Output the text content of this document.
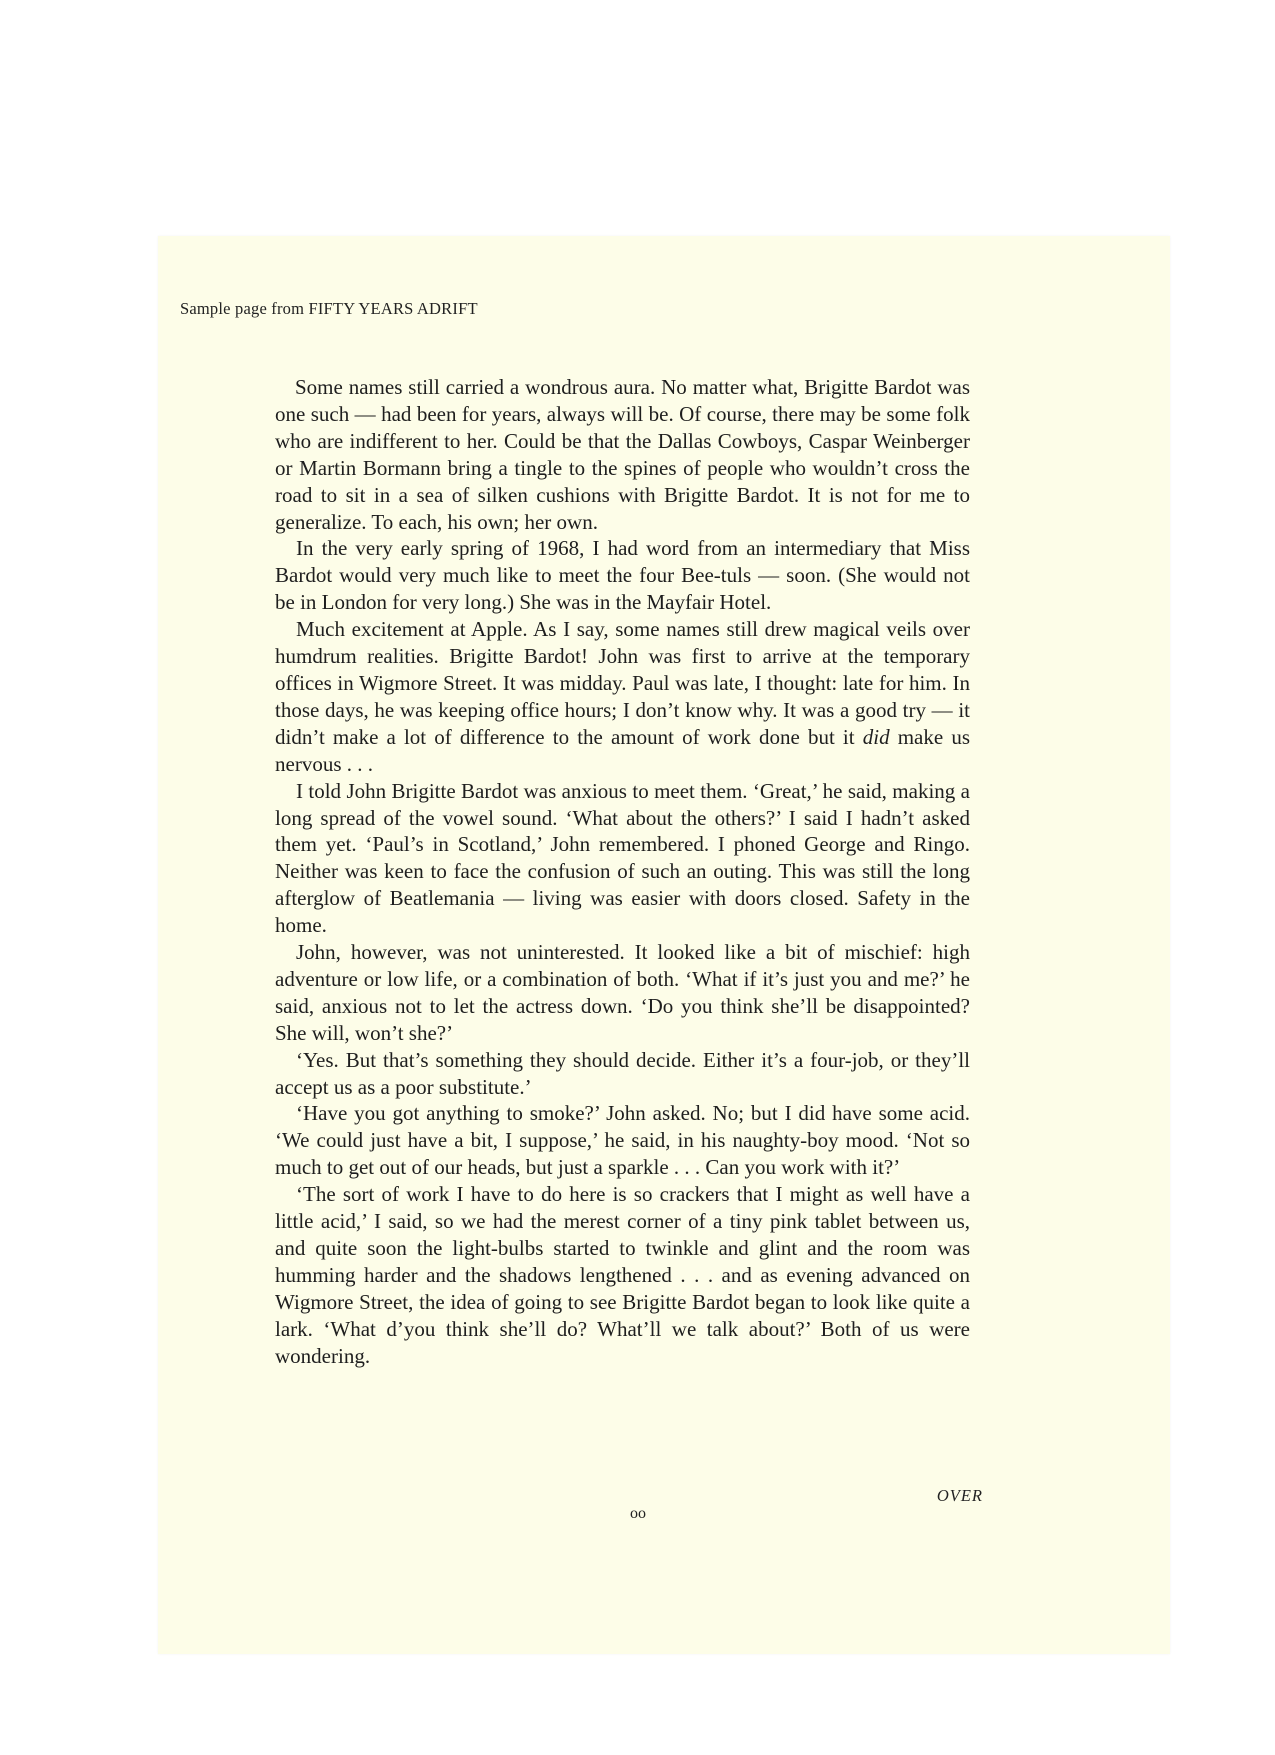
Sample page from FIFTY YEARS ADRIFT

Some names still carried a wondrous aura. No matter what, Brigitte Bardot was one such — had been for years, always will be. Of course, there may be some folk who are indifferent to her. Could be that the Dallas Cowboys, Caspar Weinberger or Martin Bormann bring a tingle to the spines of people who wouldn’t cross the road to sit in a sea of silken cushions with Brigitte Bardot. It is not for me to generalize. To each, his own; her own.

In the very early spring of 1968, I had word from an intermediary that Miss Bardot would very much like to meet the four Bee-tuls — soon. (She would not be in London for very long.) She was in the Mayfair Hotel.

Much excitement at Apple. As I say, some names still drew magical veils over humdrum realities. Brigitte Bardot! John was first to arrive at the temporary offices in Wigmore Street. It was midday. Paul was late, I thought: late for him. In those days, he was keeping office hours; I don’t know why. It was a good try — it didn’t make a lot of difference to the amount of work done but it did make us nervous . . .

I told John Brigitte Bardot was anxious to meet them. ‘Great,’ he said, making a long spread of the vowel sound. ‘What about the others?’ I said I hadn’t asked them yet. ‘Paul’s in Scotland,’ John remembered. I phoned George and Ringo. Neither was keen to face the confusion of such an outing. This was still the long afterglow of Beatlemania — living was easier with doors closed. Safety in the home.

John, however, was not uninterested. It looked like a bit of mischief: high adventure or low life, or a combination of both. ‘What if it’s just you and me?’ he said, anxious not to let the actress down. ‘Do you think she’ll be disappointed? She will, won’t she?’

‘Yes. But that’s something they should decide. Either it’s a four-job, or they’ll accept us as a poor substitute.’

‘Have you got anything to smoke?’ John asked. No; but I did have some acid. ‘We could just have a bit, I suppose,’ he said, in his naughty-boy mood. ‘Not so much to get out of our heads, but just a sparkle . . . Can you work with it?’

‘The sort of work I have to do here is so crackers that I might as well have a little acid,’ I said, so we had the merest corner of a tiny pink tablet between us, and quite soon the light-bulbs started to twinkle and glint and the room was humming harder and the shadows lengthened . . . and as evening advanced on Wigmore Street, the idea of going to see Brigitte Bardot began to look like quite a lark. ‘What d’you think she’ll do? What’ll we talk about?’ Both of us were wondering.

OVER
oo
